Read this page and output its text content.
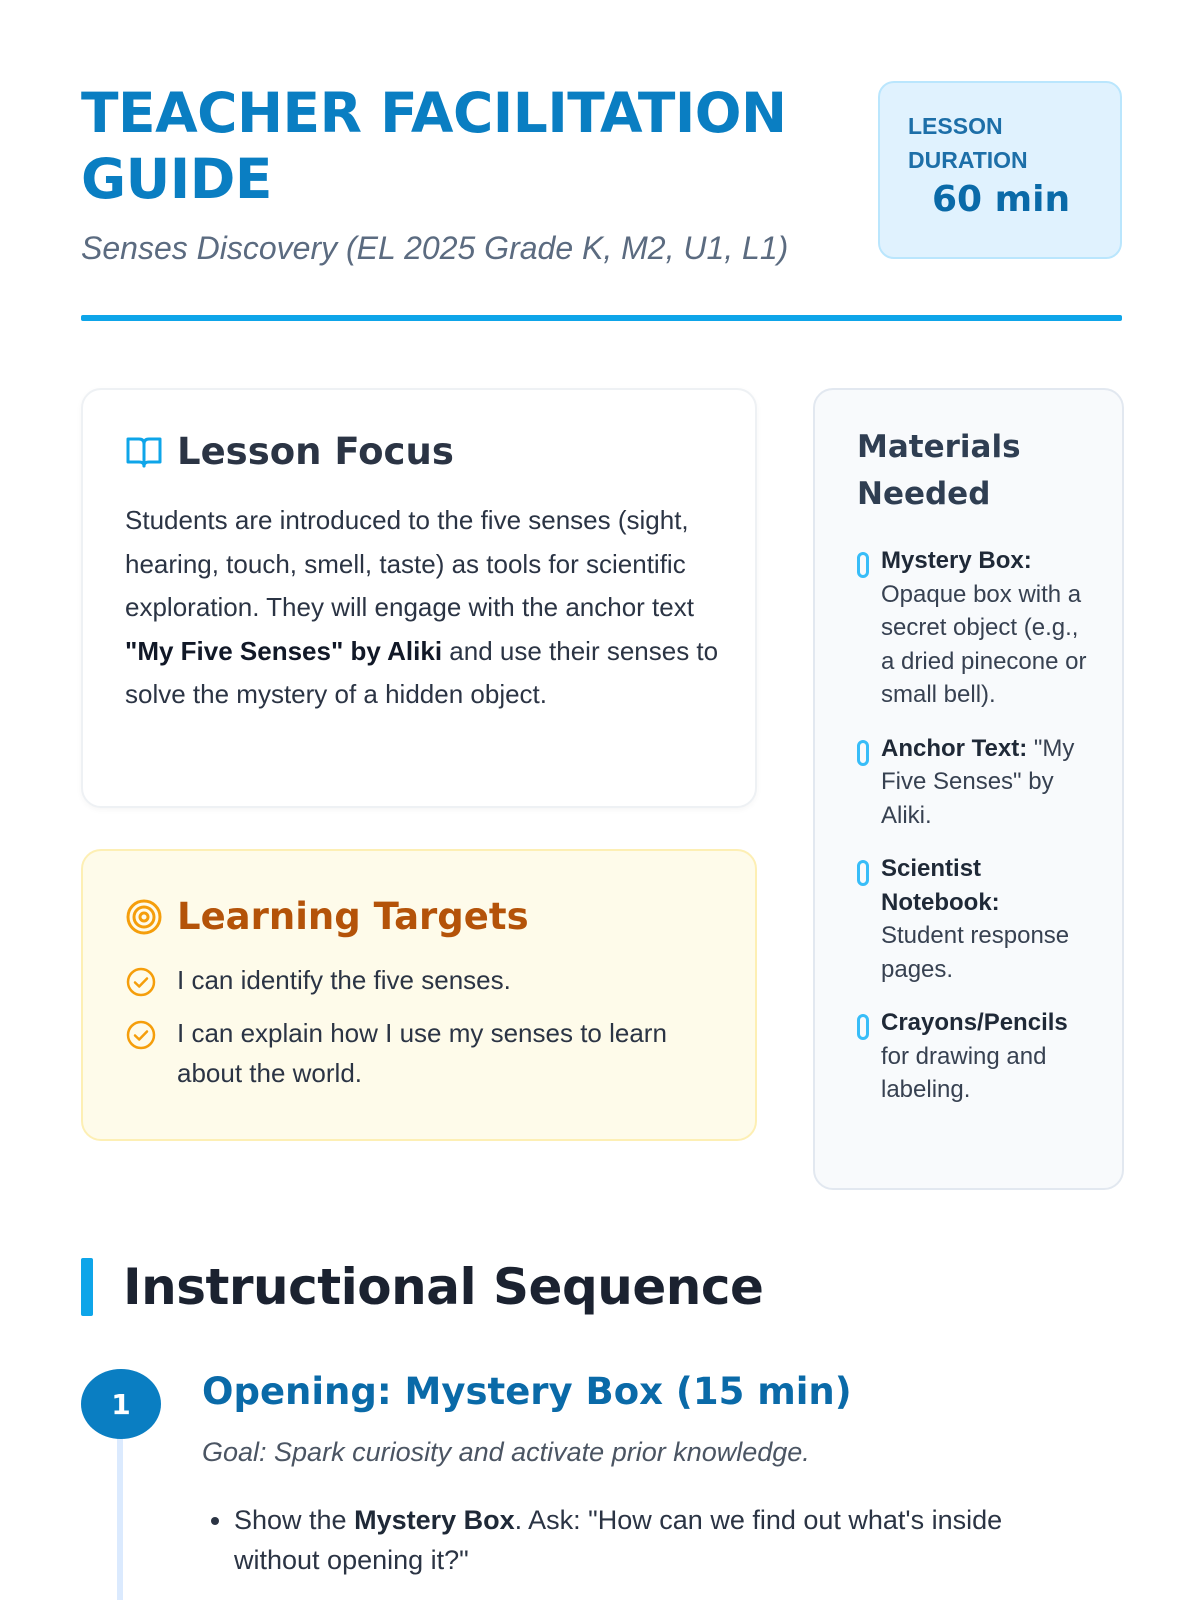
TEACHER FACILITATION GUIDE
Senses Discovery (EL 2025 Grade K, M2, U1, L1)
LESSON DURATION
60 min
Lesson Focus

Students are introduced to the five senses (sight, hearing, touch, smell, taste) as tools for scientific exploration. They will engage with the anchor text "My Five Senses" by Aliki and use their senses to solve the mystery of a hidden object.

Learning Targets
I can identify the five senses.
I can explain how I use my senses to learn about the world.
Materials Needed
Mystery Box: Opaque box with a secret object (e.g., a dried pinecone or small bell).
Anchor Text: "My Five Senses" by Aliki.
Scientist Notebook: Student response pages.
Crayons/Pencils for drawing and labeling.
Instructional Sequence
1	Opening: Mystery Box (15 min)

Goal: Spark curiosity and activate prior knowledge.

• Show the Mystery Box. Ask: "How can we find out what's inside without opening it?"
